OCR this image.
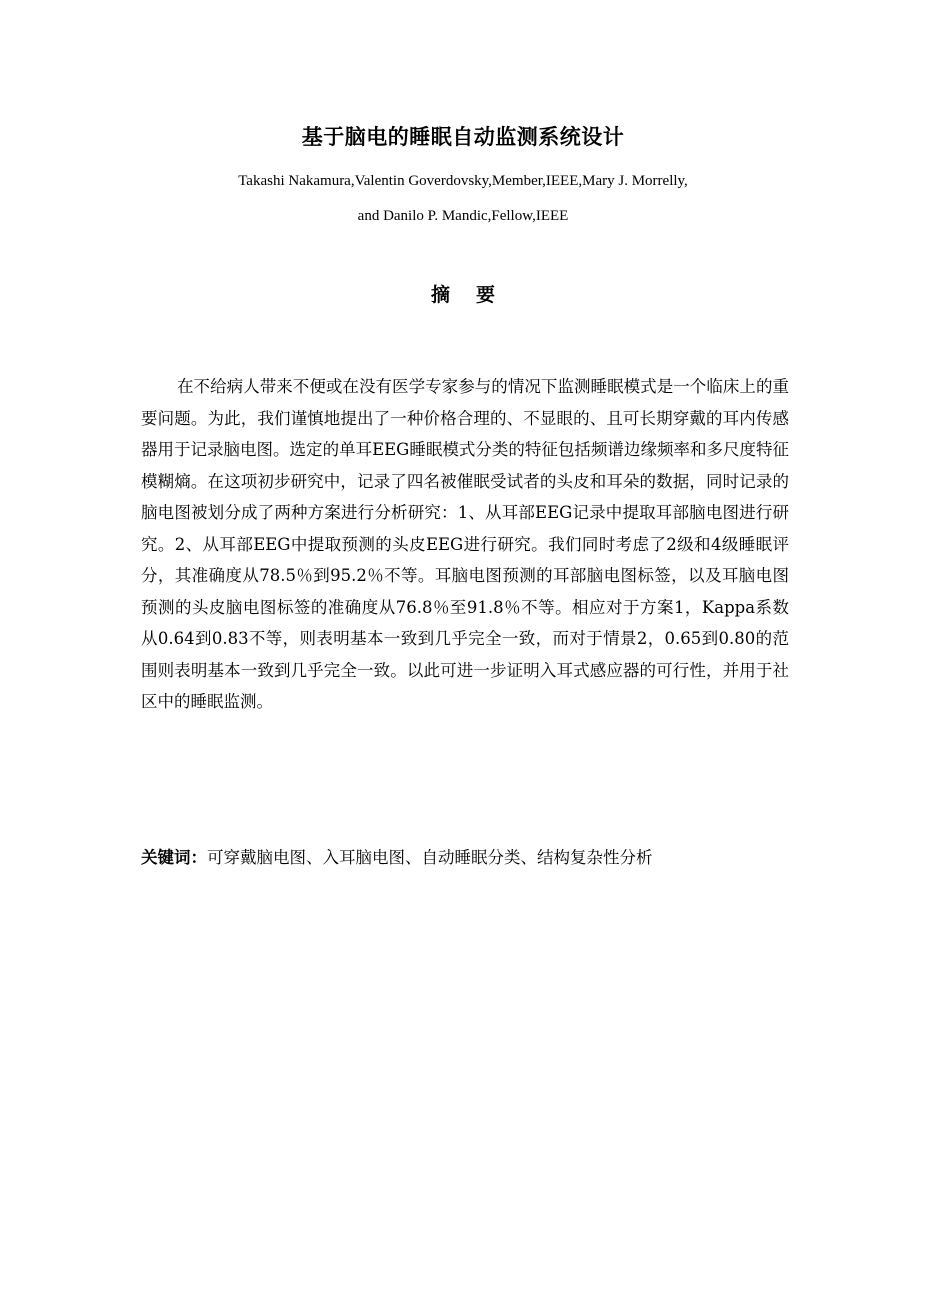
基于脑电的睡眠自动监测系统设计
Takashi Nakamura,Valentin Goverdovsky,Member,IEEE,Mary J. Morrelly,
and Danilo P. Mandic,Fellow,IEEE
摘要

在不给病人带来不便或在没有医学专家参与的情况下监测睡眠模式是一个临床上的重要问题。为此，我们谨慎地提出了一种价格合理的、不显眼的、且可长期穿戴的耳内传感器用于记录脑电图。选定的单耳EEG睡眠模式分类的特征包括频谱边缘频率和多尺度特征模糊熵。在这项初步研究中，记录了四名被催眠受试者的头皮和耳朵的数据，同时记录的脑电图被划分成了两种方案进行分析研究：1、从耳部EEG记录中提取耳部脑电图进行研究。2、从耳部EEG中提取预测的头皮EEG进行研究。我们同时考虑了2级和4级睡眠评分，其准确度从78.5％到95.2％不等。耳脑电图预测的耳部脑电图标签，以及耳脑电图预测的头皮脑电图标签的准确度从76.8％至91.8％不等。相应对于方案1，Kappa系数从0.64到0.83不等，则表明基本一致到几乎完全一致，而对于情景2，0.65到0.80的范围则表明基本一致到几乎完全一致。以此可进一步证明入耳式感应器的可行性，并用于社区中的睡眠监测。

关键词：可穿戴脑电图、入耳脑电图、自动睡眠分类、结构复杂性分析
